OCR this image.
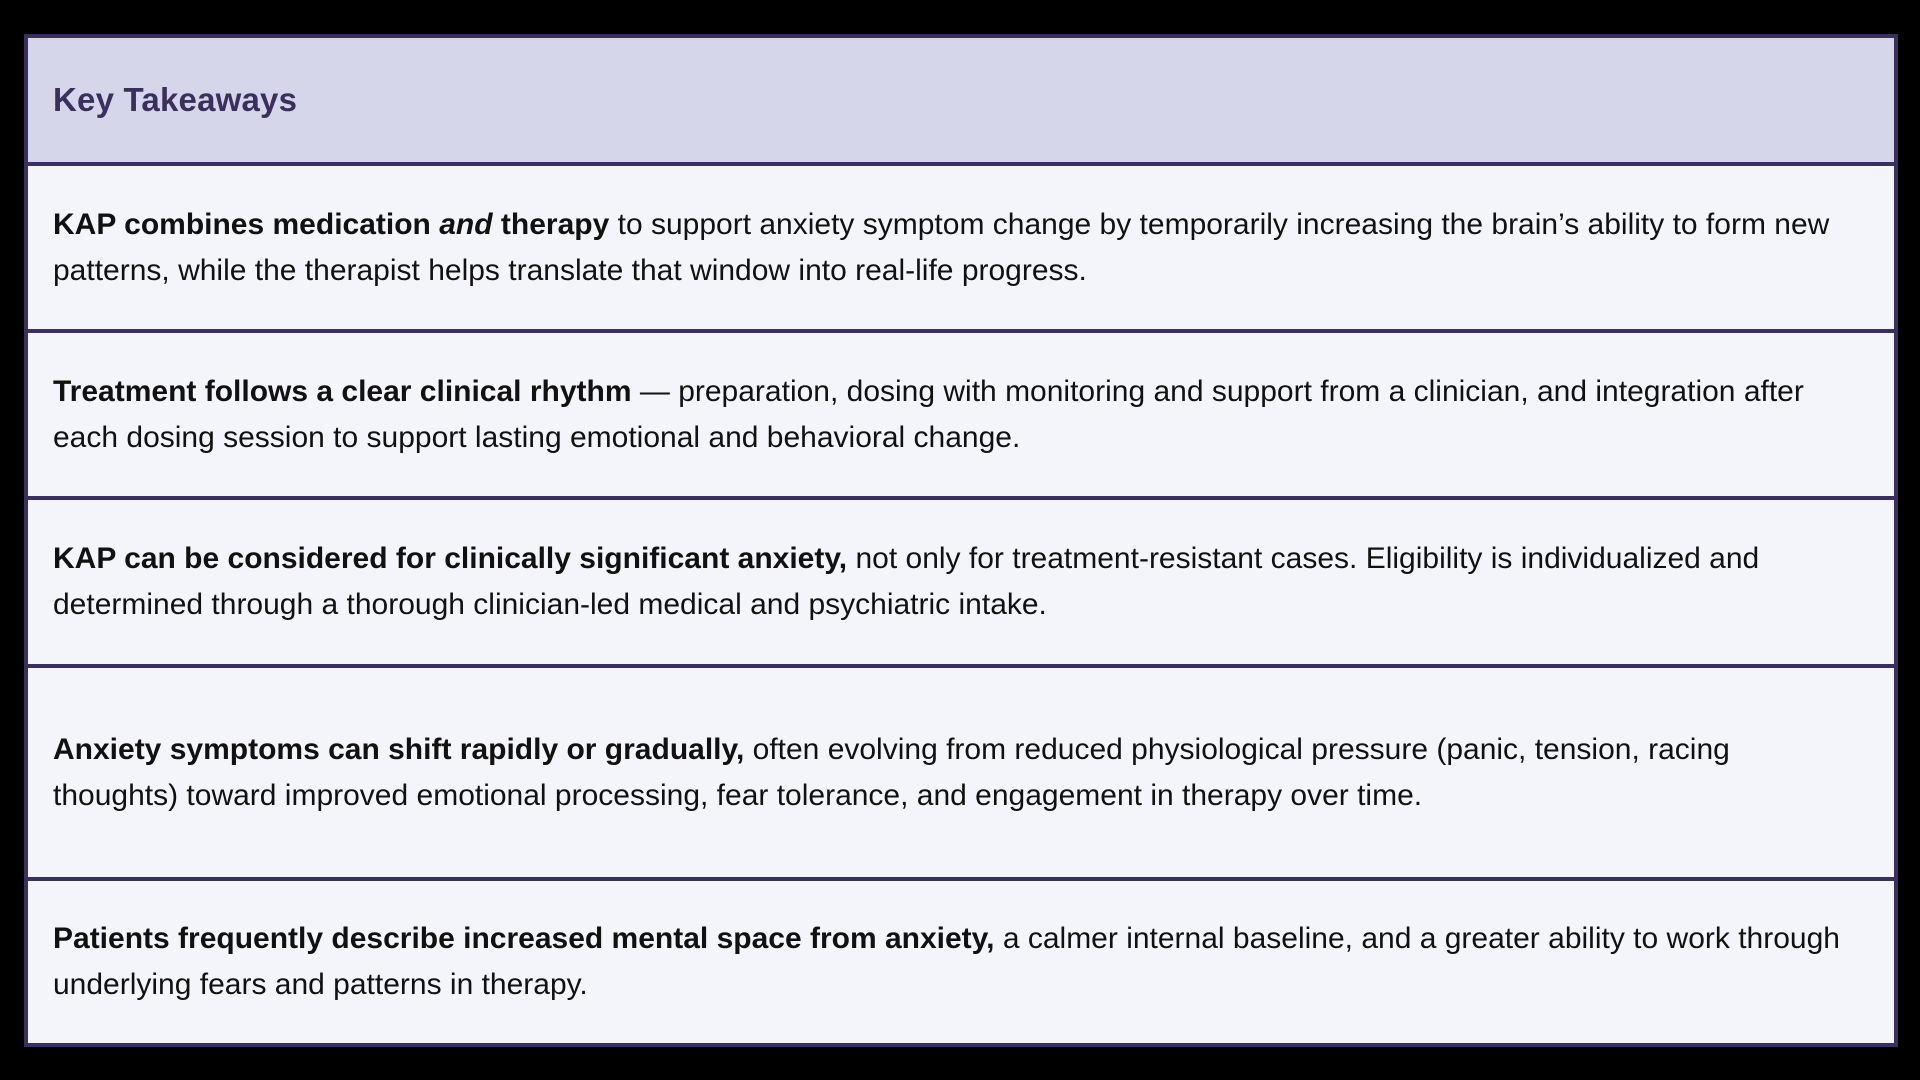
Key Takeaways

KAP combines medication and therapy to support anxiety symptom change by temporarily increasing the brain’s ability to form new patterns, while the therapist helps translate that window into real-life progress.

Treatment follows a clear clinical rhythm — preparation, dosing with monitoring and support from a clinician, and integration after each dosing session to support lasting emotional and behavioral change.

KAP can be considered for clinically significant anxiety, not only for treatment-resistant cases. Eligibility is individualized and determined through a thorough clinician-led medical and psychiatric intake.

Anxiety symptoms can shift rapidly or gradually, often evolving from reduced physiological pressure (panic, tension, racing thoughts) toward improved emotional processing, fear tolerance, and engagement in therapy over time.

Patients frequently describe increased mental space from anxiety, a calmer internal baseline, and a greater ability to work through underlying fears and patterns in therapy.
